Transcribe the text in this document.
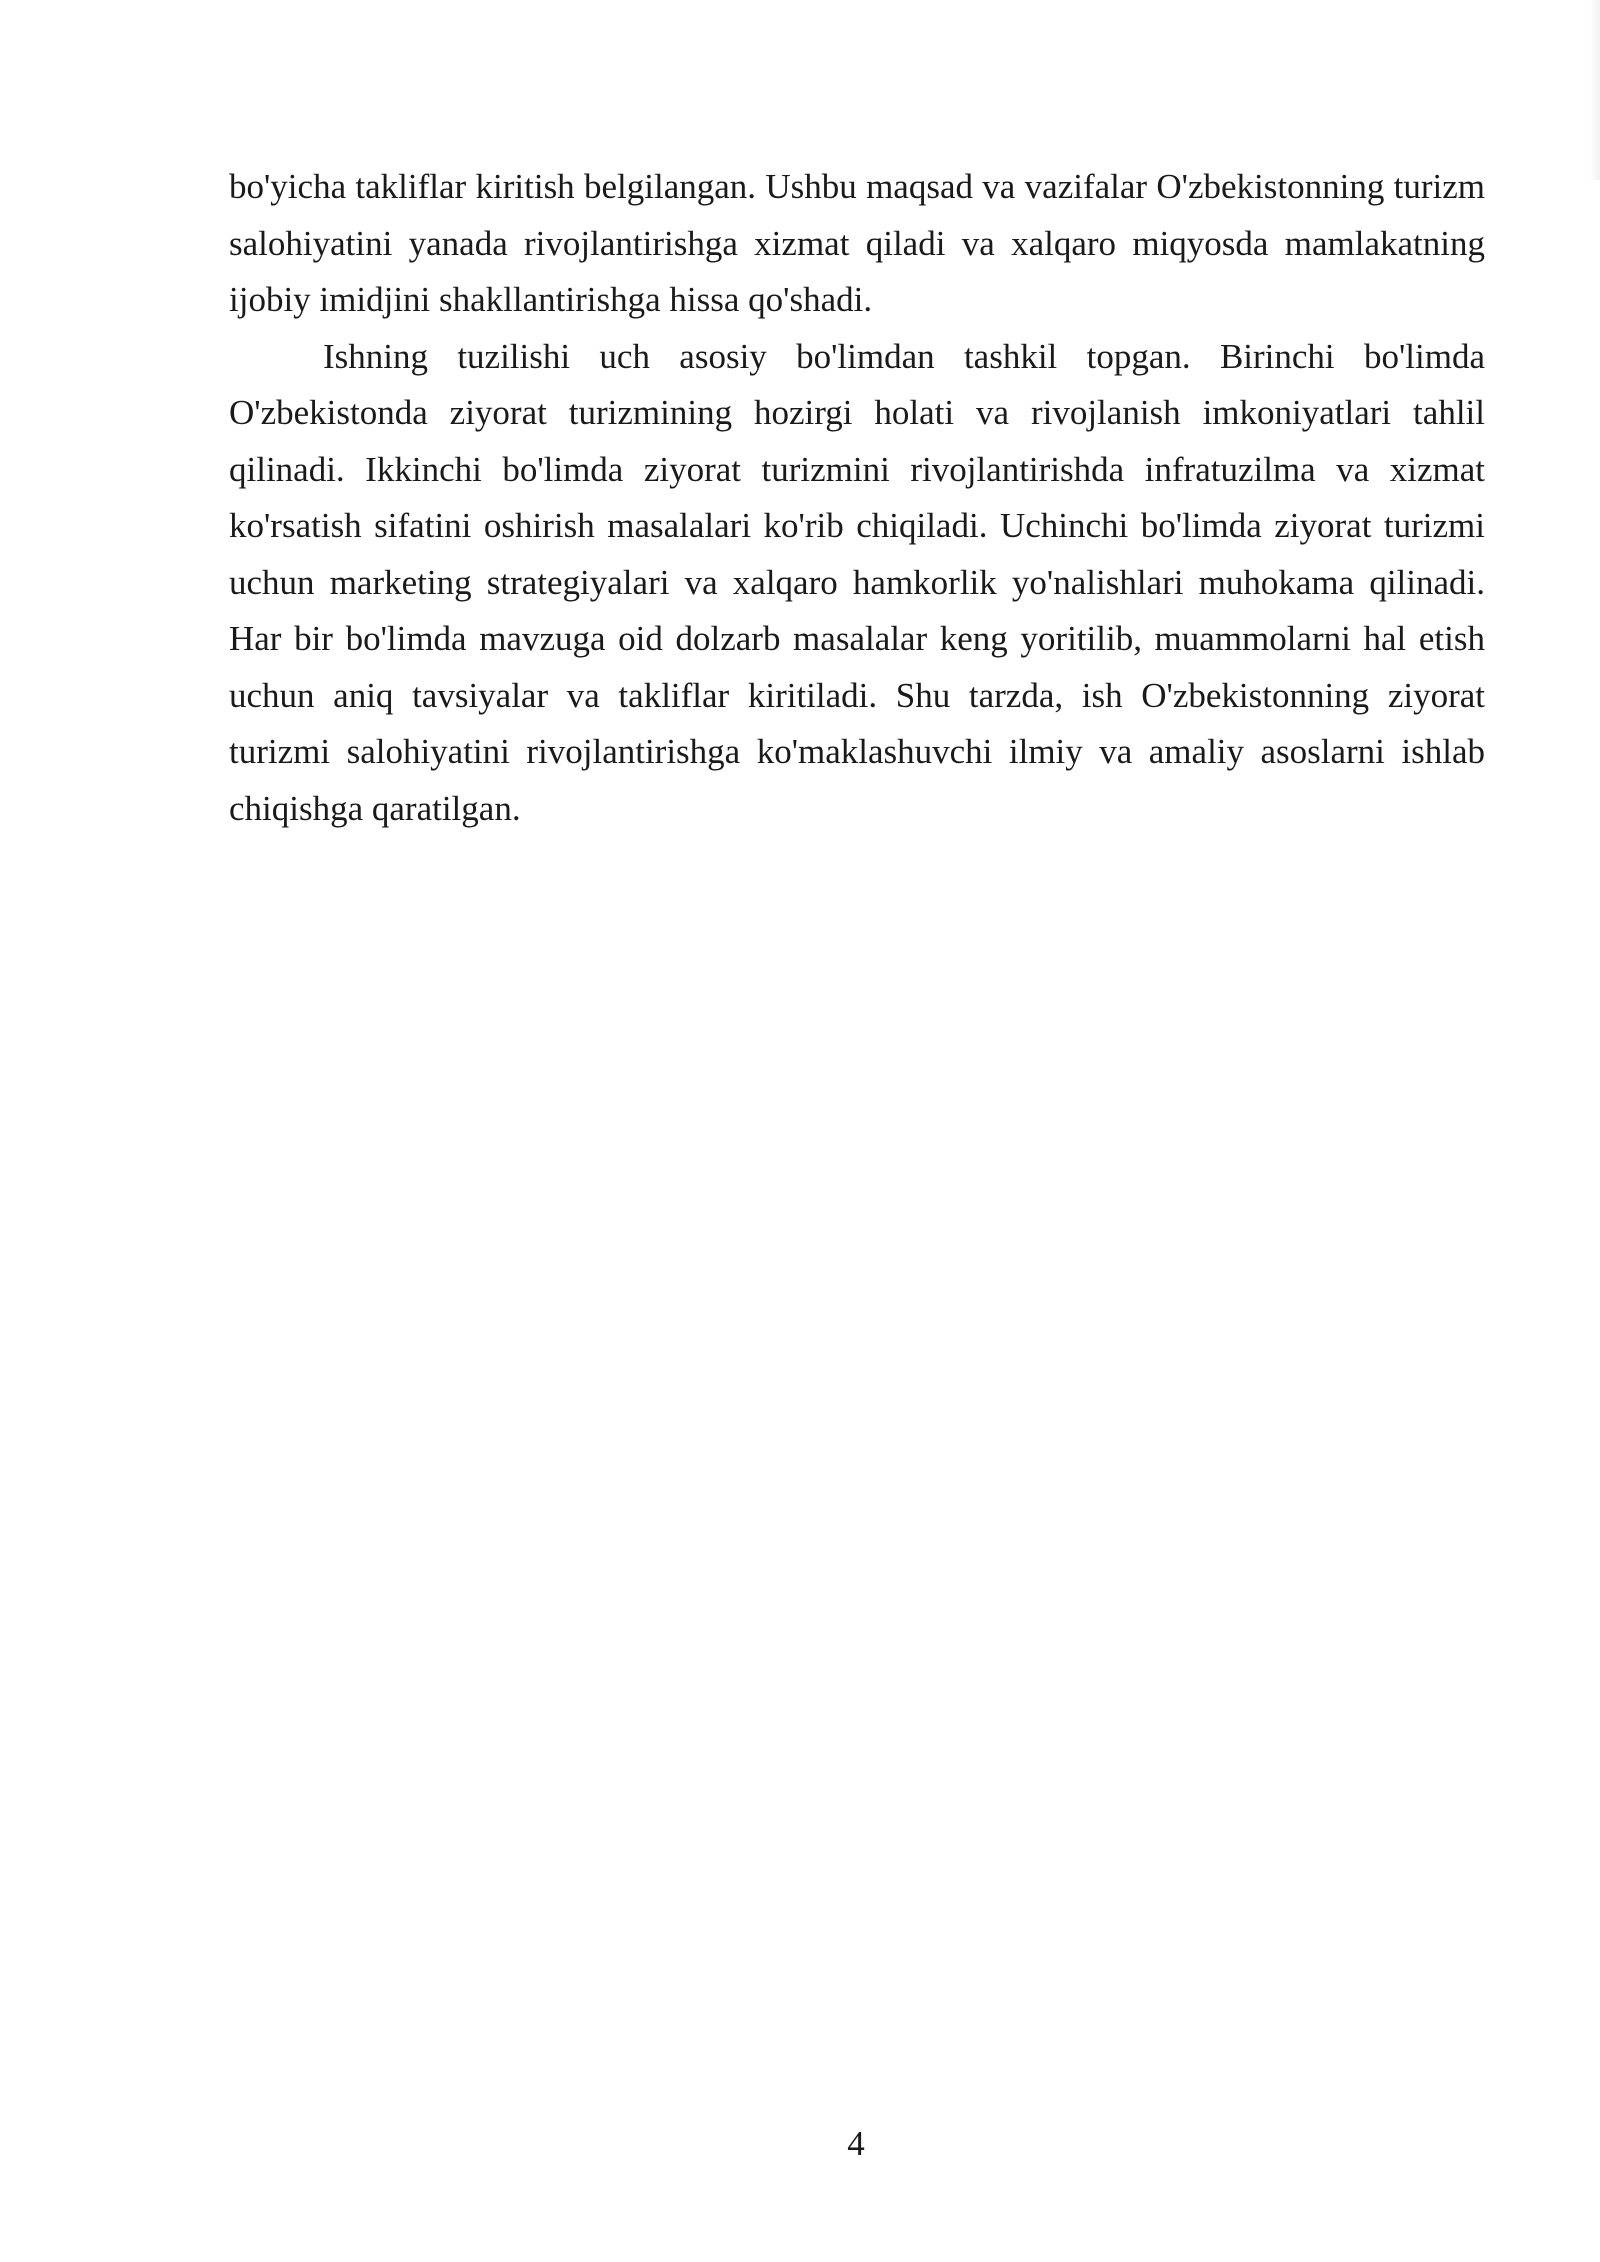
bo'yicha takliflar kiritish belgilangan. Ushbu maqsad va vazifalar O'zbekistonning turizm salohiyatini yanada rivojlantirishga xizmat qiladi va xalqaro miqyosda mamlakatning ijobiy imidjini shakllantirishga hissa qo'shadi.

Ishning tuzilishi uch asosiy bo'limdan tashkil topgan. Birinchi bo'limda O'zbekistonda ziyorat turizmining hozirgi holati va rivojlanish imkoniyatlari tahlil qilinadi. Ikkinchi bo'limda ziyorat turizmini rivojlantirishda infratuzilma va xizmat ko'rsatish sifatini oshirish masalalari ko'rib chiqiladi. Uchinchi bo'limda ziyorat turizmi uchun marketing strategiyalari va xalqaro hamkorlik yo'nalishlari muhokama qilinadi. Har bir bo'limda mavzuga oid dolzarb masalalar keng yoritilib, muammolarni hal etish uchun aniq tavsiyalar va takliflar kiritiladi. Shu tarzda, ish O'zbekistonning ziyorat turizmi salohiyatini rivojlantirishga ko'maklashuvchi ilmiy va amaliy asoslarni ishlab chiqishga qaratilgan.

4
